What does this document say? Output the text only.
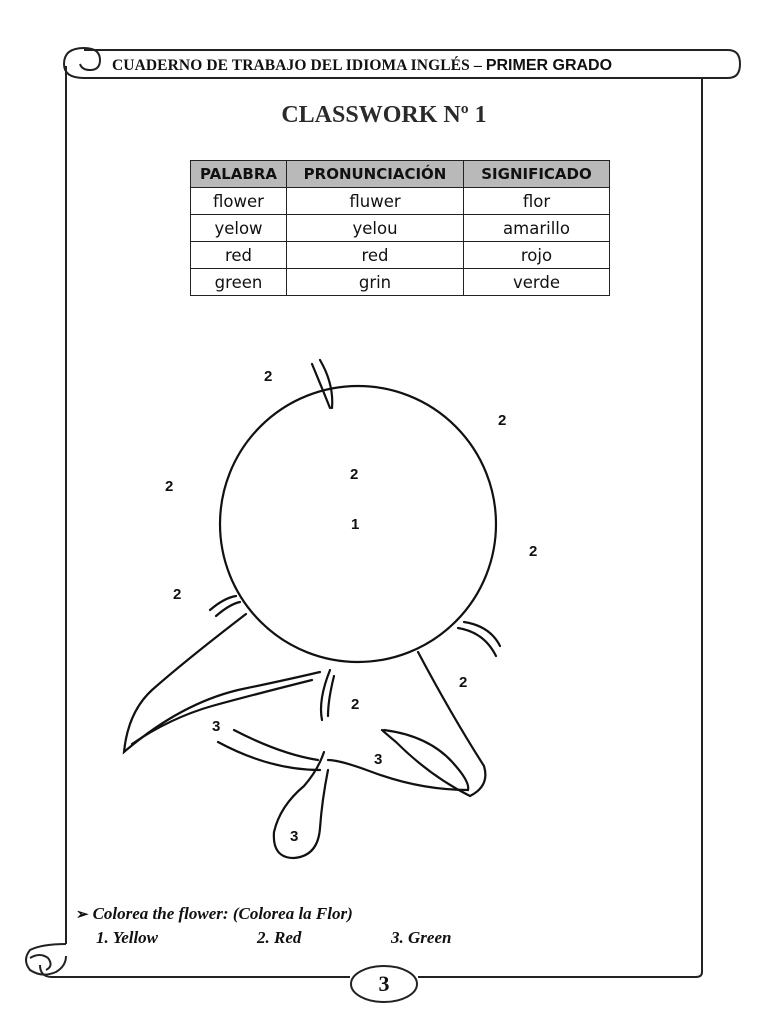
CUADERNO DE TRABAJO DEL IDIOMA INGLÉS – PRIMER GRADO
CLASSWORK Nº 1
PALABRA	PRONUNCIACIÓN	SIGNIFICADO
flower	fluwer	flor
yelow	yelou	amarillo
red	red	rojo
green	grin	verde
2
2
2
2
1
2
2
2
2
3
3
3
➢ Colorea the flower: (Colorea la Flor)
1. Yellow	2. Red	3. Green
3
